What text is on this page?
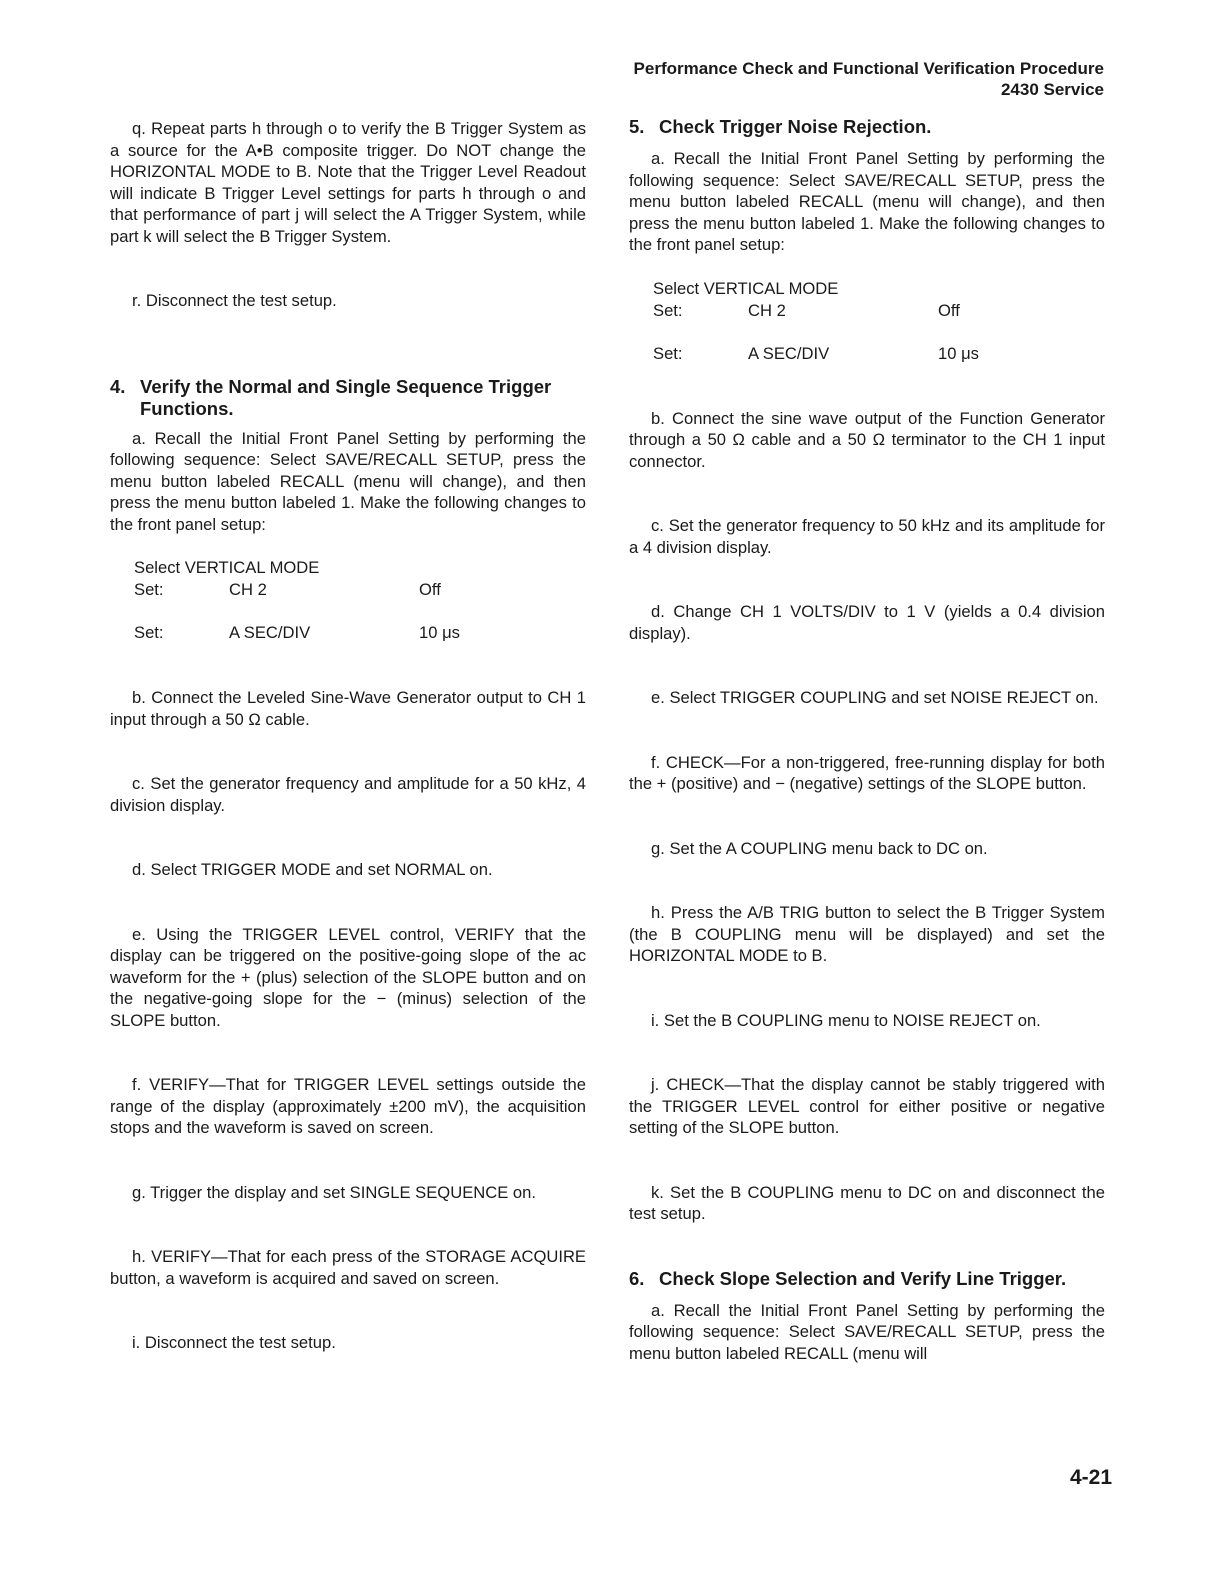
Performance Check and Functional Verification Procedure
2430 Service

q. Repeat parts h through o to verify the B Trigger System as a source for the A•B composite trigger. Do NOT change the HORIZONTAL MODE to B. Note that the Trigger Level Readout will indicate B Trigger Level settings for parts h through o and that performance of part j will select the A Trigger System, while part k will select the B Trigger System.

r. Disconnect the test setup.

4. Verify the Normal and Single Sequence Trigger
Functions.

a. Recall the Initial Front Panel Setting by performing the following sequence: Select SAVE/RECALL SETUP, press the menu button labeled RECALL (menu will change), and then press the menu button labeled 1. Make the following changes to the front panel setup:

Select VERTICAL MODE
Set:	CH 2	Off
Set:	A SEC/DIV	10 μs

b. Connect the Leveled Sine-Wave Generator output to CH 1 input through a 50 Ω cable.

c. Set the generator frequency and amplitude for a 50 kHz, 4 division display.

d. Select TRIGGER MODE and set NORMAL on.

e. Using the TRIGGER LEVEL control, VERIFY that the display can be triggered on the positive-going slope of the ac waveform for the + (plus) selection of the SLOPE button and on the negative-going slope for the − (minus) selection of the SLOPE button.

f. VERIFY—That for TRIGGER LEVEL settings outside the range of the display (approximately ±200 mV), the acquisition stops and the waveform is saved on screen.

g. Trigger the display and set SINGLE SEQUENCE on.

h. VERIFY—That for each press of the STORAGE ACQUIRE button, a waveform is acquired and saved on screen.

i. Disconnect the test setup.

5. Check Trigger Noise Rejection.

a. Recall the Initial Front Panel Setting by performing the following sequence: Select SAVE/RECALL SETUP, press the menu button labeled RECALL (menu will change), and then press the menu button labeled 1. Make the following changes to the front panel setup:

Select VERTICAL MODE
Set:	CH 2	Off
Set:	A SEC/DIV	10 μs

b. Connect the sine wave output of the Function Generator through a 50 Ω cable and a 50 Ω terminator to the CH 1 input connector.

c. Set the generator frequency to 50 kHz and its amplitude for a 4 division display.

d. Change CH 1 VOLTS/DIV to 1 V (yields a 0.4 division display).

e. Select TRIGGER COUPLING and set NOISE REJECT on.

f. CHECK—For a non-triggered, free-running display for both the + (positive) and − (negative) settings of the SLOPE button.

g. Set the A COUPLING menu back to DC on.

h. Press the A/B TRIG button to select the B Trigger System (the B COUPLING menu will be displayed) and set the HORIZONTAL MODE to B.

i. Set the B COUPLING menu to NOISE REJECT on.

j. CHECK—That the display cannot be stably triggered with the TRIGGER LEVEL control for either positive or negative setting of the SLOPE button.

k. Set the B COUPLING menu to DC on and disconnect the test setup.

6. Check Slope Selection and Verify Line Trigger.

a. Recall the Initial Front Panel Setting by performing the following sequence: Select SAVE/RECALL SETUP, press the menu button labeled RECALL (menu will

4-21
